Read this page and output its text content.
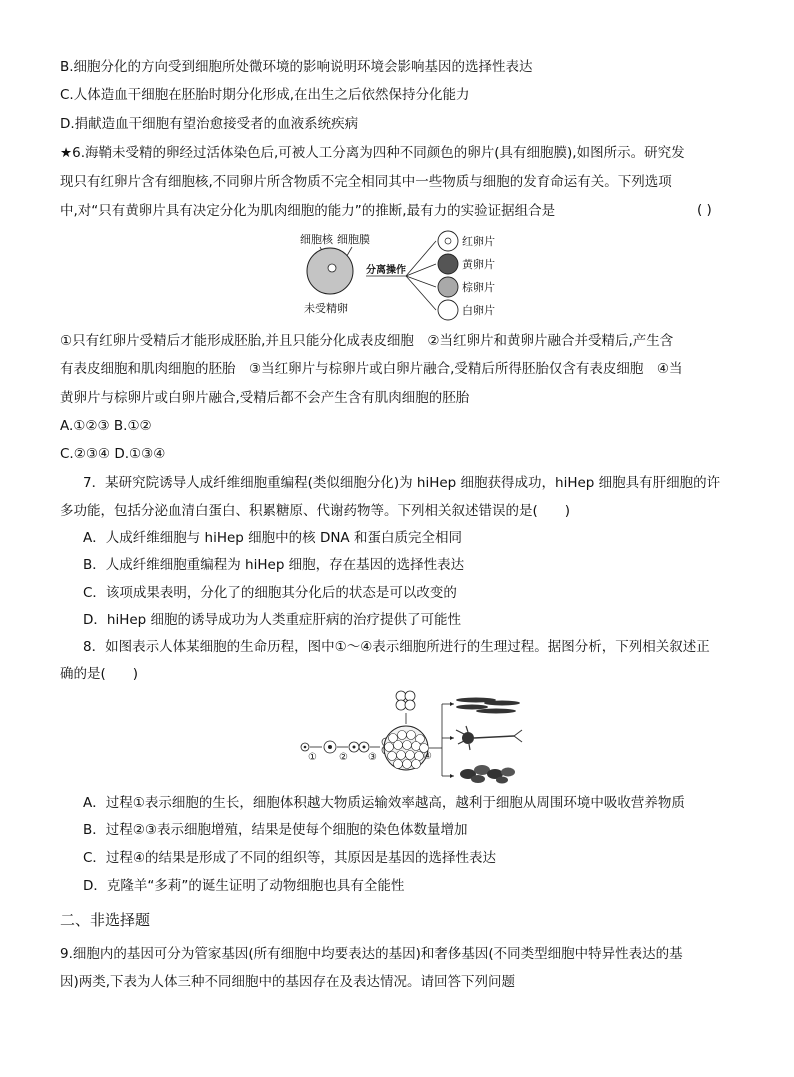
B.细胞分化的方向受到细胞所处微环境的影响说明环境会影响基因的选择性表达
C.人体造血干细胞在胚胎时期分化形成,在出生之后依然保持分化能力
D.捐献造血干细胞有望治愈接受者的血液系统疾病
★6.海鞘未受精的卵经过活体染色后,可被人工分离为四种不同颜色的卵片(具有细胞膜),如图所示。研究发
现只有红卵片含有细胞核,不同卵片所含物质不完全相同其中一些物质与细胞的发育命运有关。下列选项
中,对“只有黄卵片具有决定分化为肌肉细胞的能力”的推断,最有力的实验证据组合是	( )
细胞核 细胞膜
未受精卵
分离操作
红卵片
黄卵片
棕卵片
白卵片
①只有红卵片受精后才能形成胚胎,并且只能分化成表皮细胞　②当红卵片和黄卵片融合并受精后,产生含
有表皮细胞和肌肉细胞的胚胎　③当红卵片与棕卵片或白卵片融合,受精后所得胚胎仅含有表皮细胞　④当
黄卵片与棕卵片或白卵片融合,受精后都不会产生含有肌肉细胞的胚胎
A.①②③ B.①②
C.②③④ D.①③④
7．某研究院诱导人成纤维细胞重编程(类似细胞分化)为 hiHep 细胞获得成功，hiHep 细胞具有肝细胞的许
多功能，包括分泌血清白蛋白、积累糖原、代谢药物等。下列相关叙述错误的是(　　)
A．人成纤维细胞与 hiHep 细胞中的核 DNA 和蛋白质完全相同
B．人成纤维细胞重编程为 hiHep 细胞，存在基因的选择性表达
C．该项成果表明，分化了的细胞其分化后的状态是可以改变的
D．hiHep 细胞的诱导成功为人类重症肝病的治疗提供了可能性
8．如图表示人体某细胞的生命历程，图中①～④表示细胞所进行的生理过程。据图分析，下列相关叙述正
确的是(　　)
① ② ③	④
A．过程①表示细胞的生长，细胞体积越大物质运输效率越高，越利于细胞从周围环境中吸收营养物质
B．过程②③表示细胞增殖，结果是使每个细胞的染色体数量增加
C．过程④的结果是形成了不同的组织等，其原因是基因的选择性表达
D．克隆羊“多莉”的诞生证明了动物细胞也具有全能性
二、非选择题
9.细胞内的基因可分为管家基因(所有细胞中均要表达的基因)和奢侈基因(不同类型细胞中特异性表达的基
因)两类,下表为人体三种不同细胞中的基因存在及表达情况。请回答下列问题
